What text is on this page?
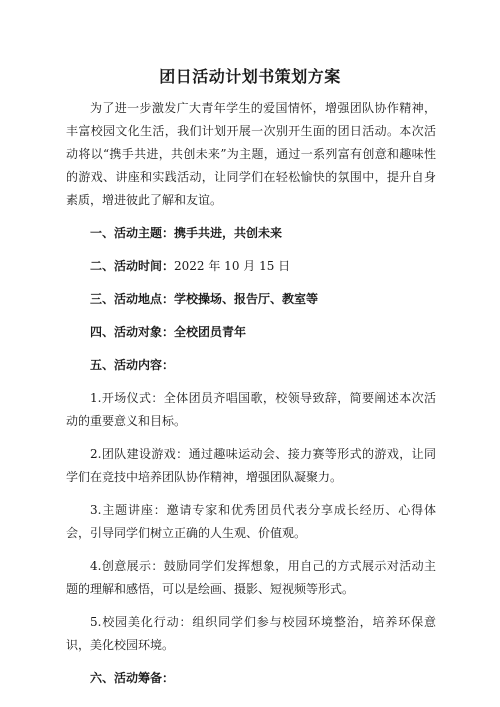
团日活动计划书策划方案

为了进一步激发广大青年学生的爱国情怀，增强团队协作精神，丰富校园文化生活，我们计划开展一次别开生面的团日活动。本次活动将以“携手共进，共创未来”为主题，通过一系列富有创意和趣味性的游戏、讲座和实践活动，让同学们在轻松愉快的氛围中，提升自身素质，增进彼此了解和友谊。

一、活动主题：携手共进，共创未来

二、活动时间：2022 年 10 月 15 日

三、活动地点：学校操场、报告厅、教室等

四、活动对象：全校团员青年

五、活动内容：

1.开场仪式：全体团员齐唱国歌，校领导致辞，简要阐述本次活动的重要意义和目标。

2.团队建设游戏：通过趣味运动会、接力赛等形式的游戏，让同学们在竞技中培养团队协作精神，增强团队凝聚力。

3.主题讲座：邀请专家和优秀团员代表分享成长经历、心得体会，引导同学们树立正确的人生观、价值观。

4.创意展示：鼓励同学们发挥想象，用自己的方式展示对活动主题的理解和感悟，可以是绘画、摄影、短视频等形式。

5.校园美化行动：组织同学们参与校园环境整治，培养环保意识，美化校园环境。

六、活动筹备：
